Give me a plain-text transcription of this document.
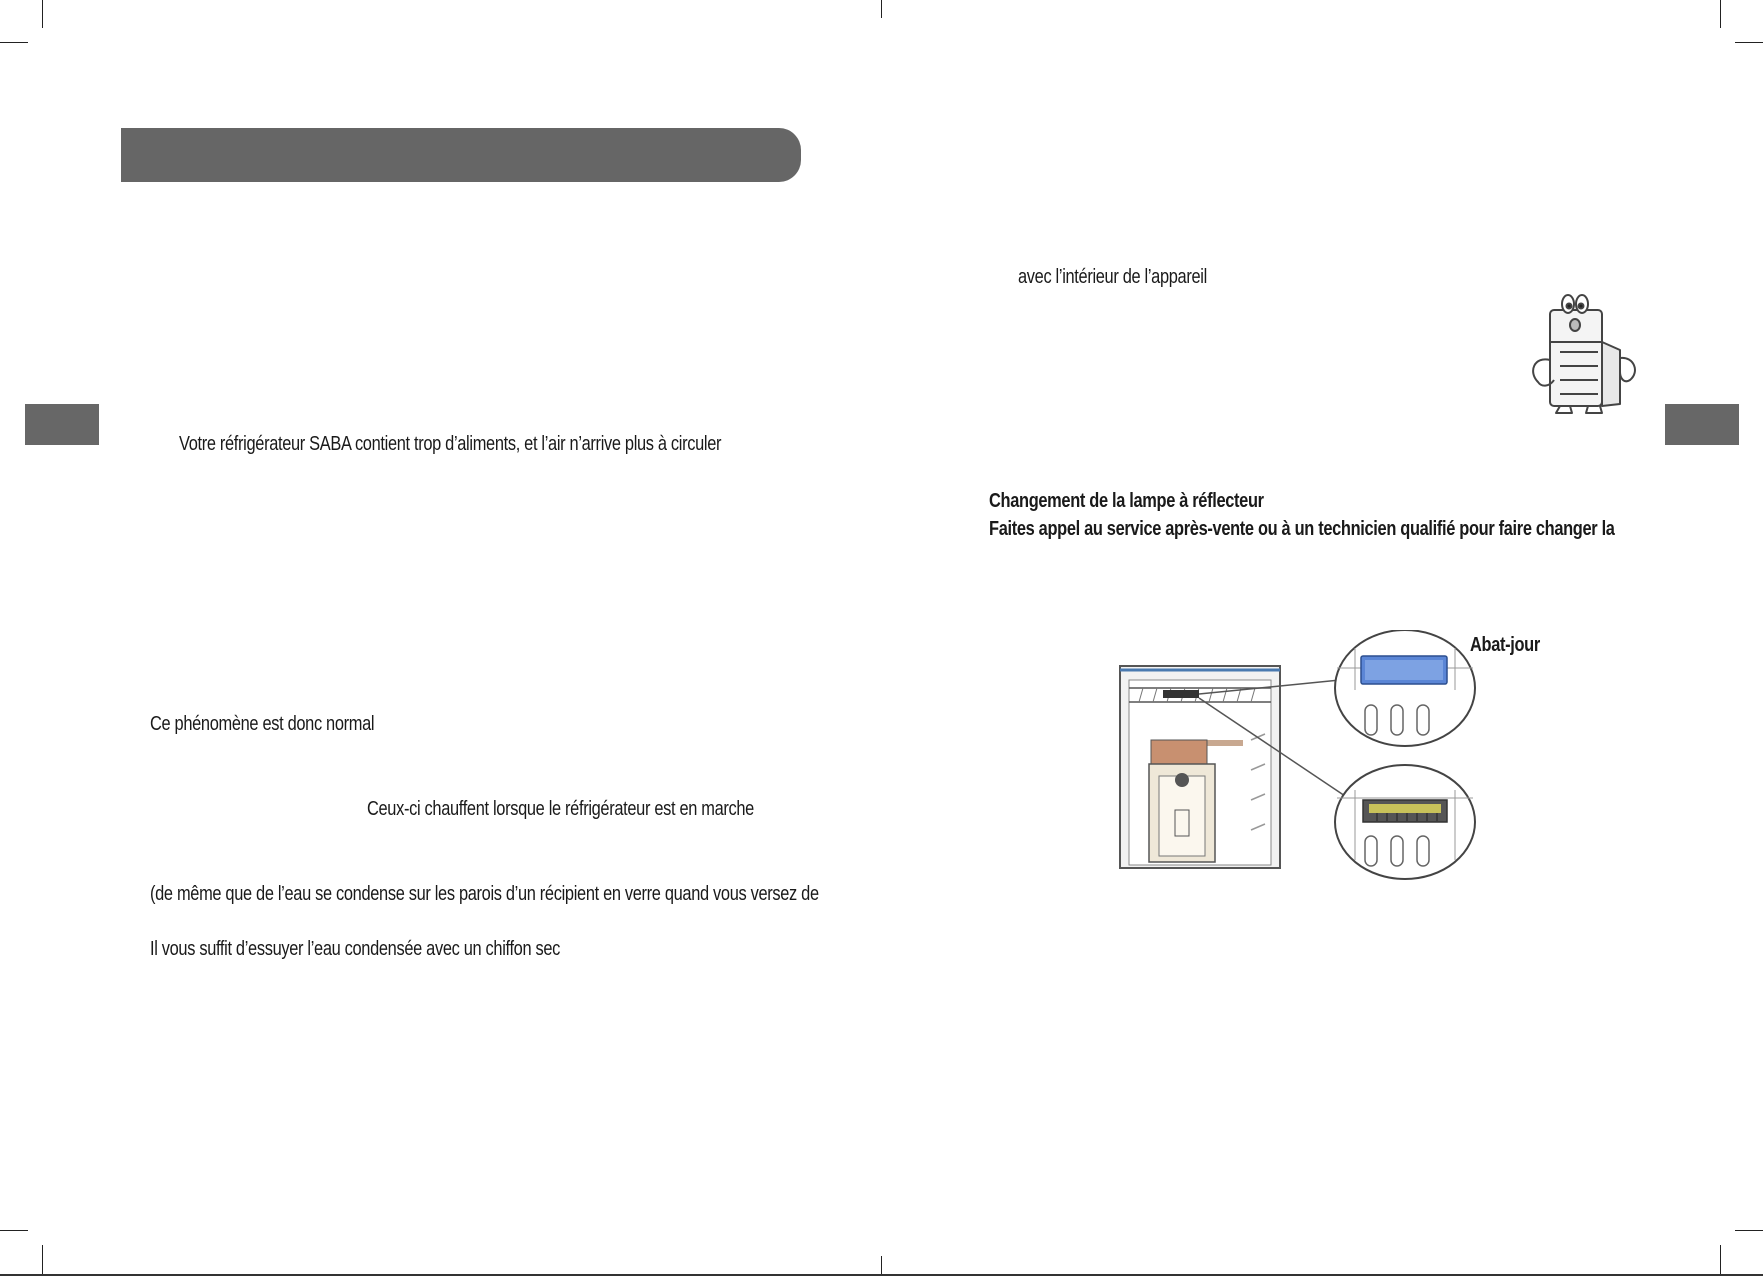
Votre réfrigérateur SABA contient trop d’aliments, et l’air n’arrive plus à circuler
Ce phénomène est donc normal
Ceux-ci chauffent lorsque le réfrigérateur est en marche
(de même que de l’eau se condense sur les parois d’un récipient en verre quand vous versez de
Il vous suffit d’essuyer l’eau condensée avec un chiffon sec
avec l’intérieur de l’appareil
Changement de la lampe à réflecteur
Faites appel au service après-vente ou à un technicien qualifié pour faire changer la
Abat-jour
